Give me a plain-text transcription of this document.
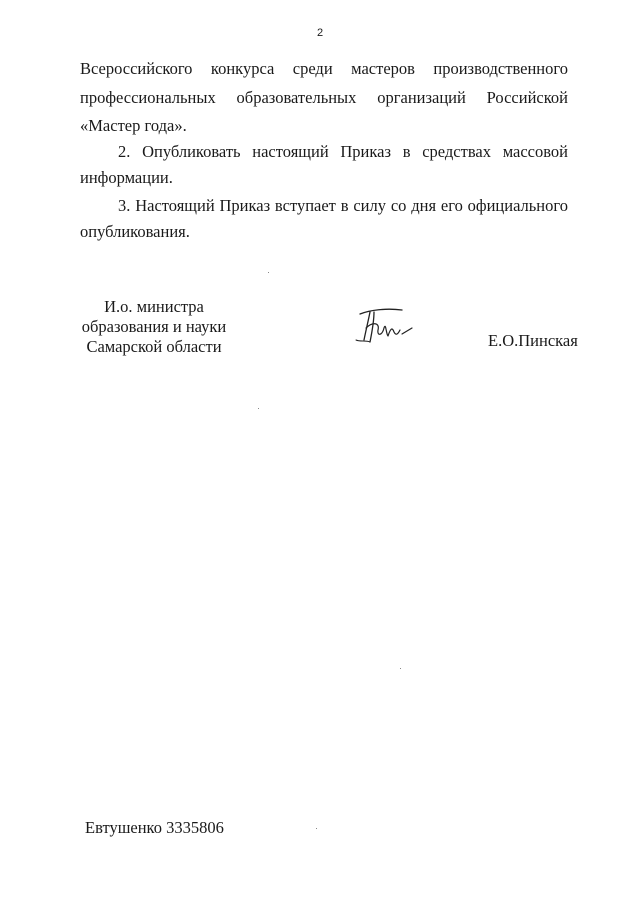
2
Всероссийского конкурса среди мастеров производственного
профессиональных образовательных организаций Российской
«Мастер года».
2. Опубликовать настоящий Приказ в средствах массовой
информации.
3. Настоящий Приказ вступает в силу со дня его официального
опубликования.
И.о. министра
образования и науки
Самарской области	Е.О.Пинская
Евтушенко 3335806
